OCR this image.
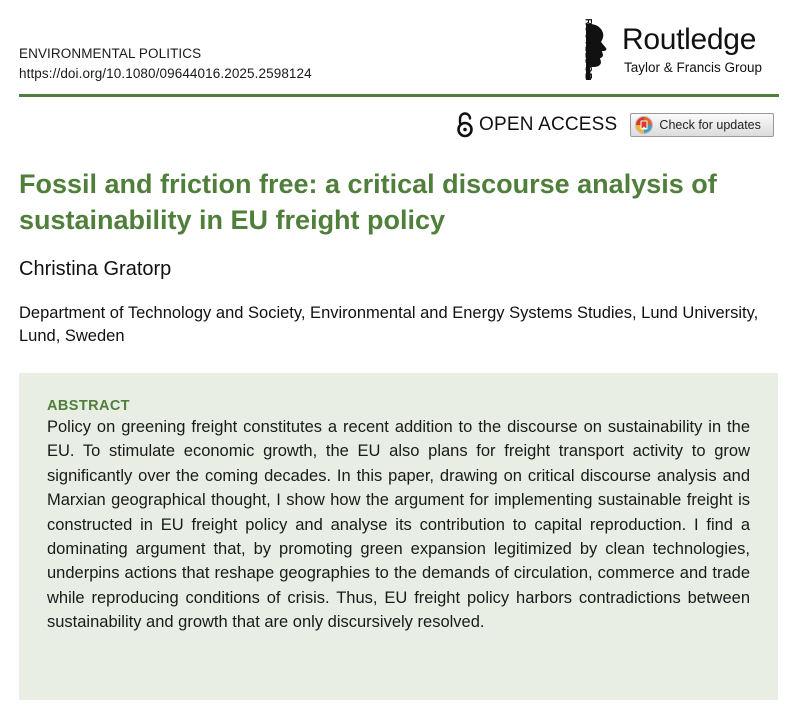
ENVIRONMENTAL POLITICS
https://doi.org/10.1080/09644016.2025.2598124	ROUTLEDGE Routledge
Taylor & Francis Group
OPEN ACCESS	Check for updates
Fossil and friction free: a critical discourse analysis of sustainability in EU freight policy
Christina Gratorp
Department of Technology and Society, Environmental and Energy Systems Studies, Lund University, Lund, Sweden
ABSTRACT

Policy on greening freight constitutes a recent addition to the discourse on sustainability in the EU. To stimulate economic growth, the EU also plans for freight transport activity to grow significantly over the coming decades. In this paper, drawing on critical discourse analysis and Marxian geographical thought, I show how the argument for implementing sustainable freight is constructed in EU freight policy and analyse its contribution to capital reproduction. I find a dominating argument that, by promoting green expansion legitimized by clean technologies, underpins actions that reshape geographies to the demands of circulation, commerce and trade while reproducing conditions of crisis. Thus, EU freight policy harbors contradictions between sustainability and growth that are only discursively resolved.
